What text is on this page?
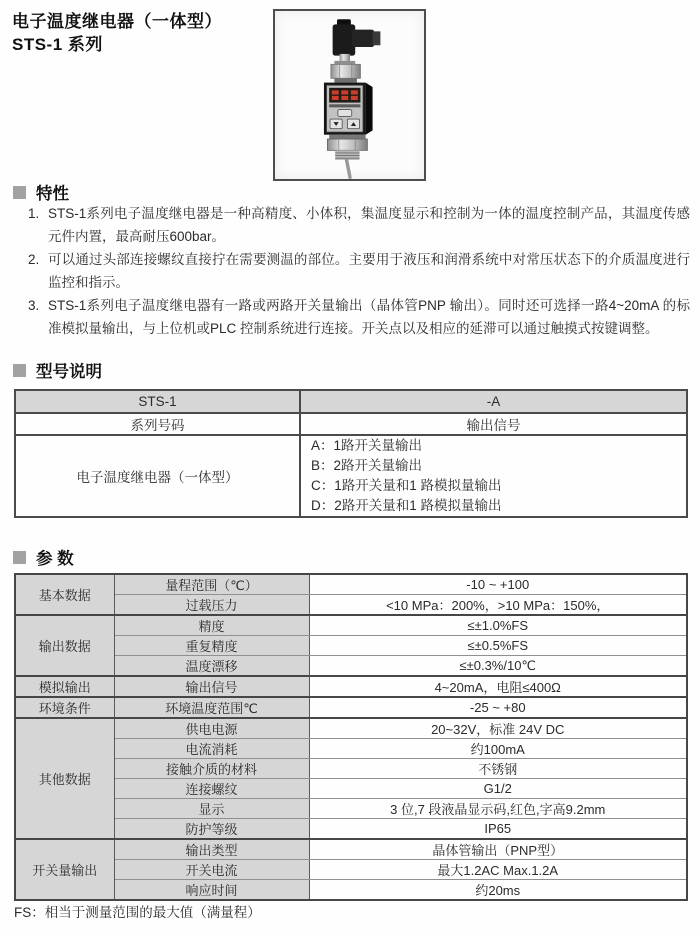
电子温度继电器（一体型）
STS-1 系列
特性
1. STS-1系列电子温度继电器是一种高精度、小体积，集温度显示和控制为一体的温度控制产品，其温度传感元件内置，最高耐压600bar。
2. 可以通过头部连接螺纹直接拧在需要测温的部位。主要用于液压和润滑系统中对常压状态下的介质温度进行监控和指示。
3. STS-1系列电子温度继电器有一路或两路开关量输出（晶体管PNP 输出）。同时还可选择一路4~20mA 的标准模拟量输出，与上位机或PLC 控制系统进行连接。开关点以及相应的延滞可以通过触摸式按键调整。
型号说明
STS-1	-A
系列号码	输出信号
电子温度继电器（一体型）	A：1路开关量输出
B：2路开关量输出
C：1路开关量和1 路模拟量输出
D：2路开关量和1 路模拟量输出
参 数
基本数据	量程范围（℃）	-10 ~ +100
	过载压力	<10 MPa：200%，>10 MPa：150%，
输出数据	精度	≤±1.0%FS
	重复精度	≤±0.5%FS
	温度漂移	≤±0.3%/10℃
模拟输出	输出信号	4~20mA，电阻≤400Ω
环境条件	环境温度范围℃	-25 ~ +80
其他数据	供电电源	20~32V，标准 24V DC
	电流消耗	约100mA
	接触介质的材料	不锈钢
	连接螺纹	G1/2
	显示	3 位,7 段液晶显示码,红色,字高9.2mm
	防护等级	IP65
开关量输出	输出类型	晶体管输出（PNP型）
	开关电流	最大1.2AC Max.1.2A
	响应时间	约20ms
FS：相当于测量范围的最大值（满量程）
